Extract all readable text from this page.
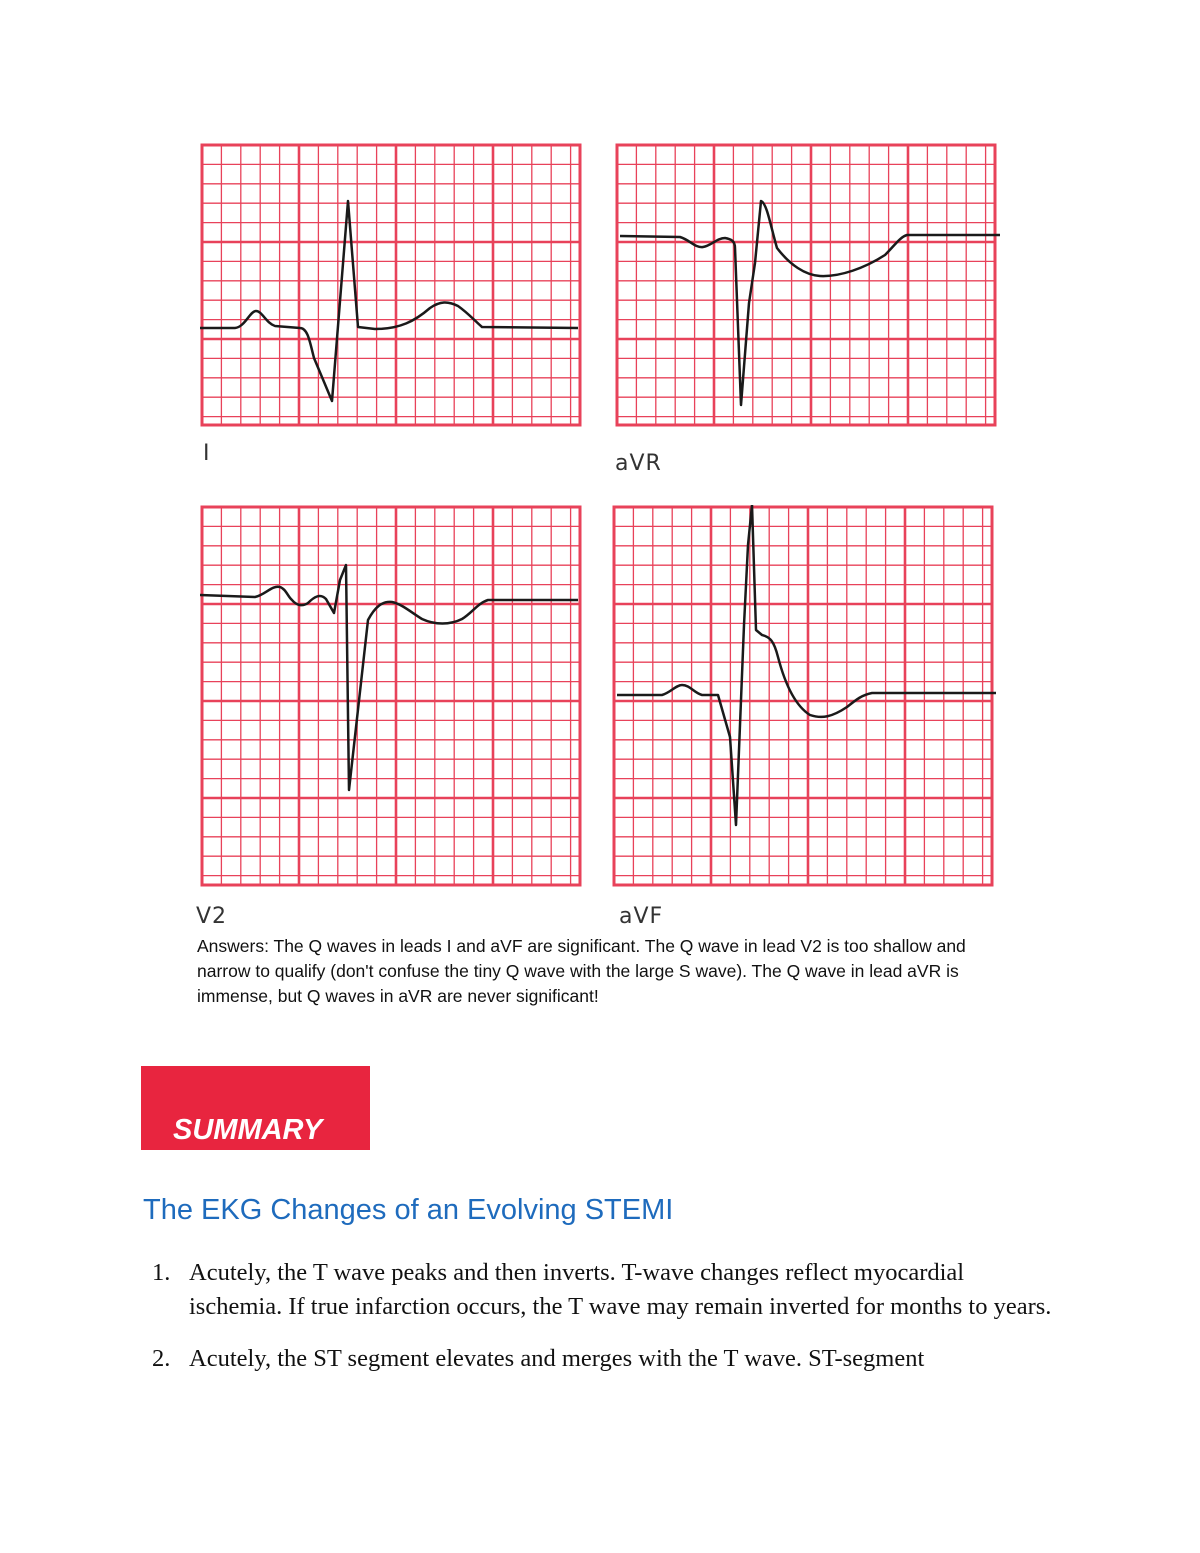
I	aVR
V2	aVF

Answers: The Q waves in leads I and aVF are significant. The Q wave in lead V2 is too shallow and narrow to qualify (don't confuse the tiny Q wave with the large S wave). The Q wave in lead aVR is immense, but Q waves in aVR are never significant!

SUMMARY
The EKG Changes of an Evolving STEMI
1. Acutely, the T wave peaks and then inverts. T-wave changes reflect myocardial ischemia. If true infarction occurs, the T wave may remain inverted for months to years.
2. Acutely, the ST segment elevates and merges with the T wave. ST-segment
